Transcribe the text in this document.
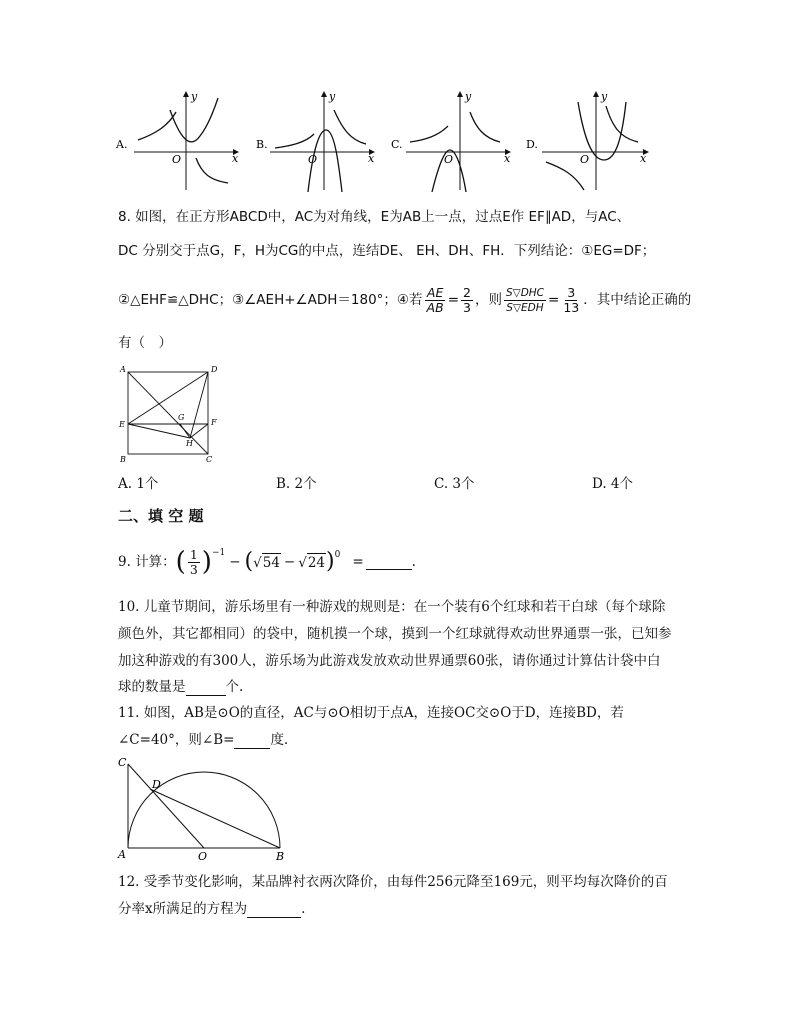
A.
y
x
O
B.
y
x
O
C.
y
x
O
D.
y
x
O
8. 如图，在正方形ABCD中，AC为对角线，E为AB上一点，过点E作 EF∥AD，与AC、
DC 分别交于点G，F，H为CG的中点，连结DE、 EH、DH、FH．下列结论：①EG=DF；
②△EHF≌△DHC；③∠AEH+∠ADH＝180°；④若 $\frac{AE}{AB} = \frac{2}{3}$ ，则 $\frac{\text{S▽DHC}}{\text{S▽EDH}} = \frac{3}{13}$ ．其中结论正确的
有（　）
A	D
E	F
G
H
B	C
A. 1个	B. 2个	C. 3个	D. 4个
二、填 空 题
9. 计算： ( $\frac{1}{3} )^{-1}$
− ( √ 54 − √ 24 )$^0$ =	.
10. 儿童节期间，游乐场里有一种游戏的规则是：在一个装有6个红球和若干白球（每个球除
颜色外，其它都相同）的袋中，随机摸一个球，摸到一个红球就得欢动世界通票一张，已知参
加这种游戏的有300人，游乐场为此游戏发放欢动世界通票60张，请你通过计算估计袋中白
球的数量是	个.
11. 如图，AB是⊙O的直径，AC与⊙O相切于点A，连接OC交⊙O于D，连接BD，若
∠C=40°，则∠B=	度.
C
D
A	O	B
12. 受季节变化影响，某品牌衬衣两次降价，由每件256元降至169元，则平均每次降价的百
分率x所满足的方程为	.
